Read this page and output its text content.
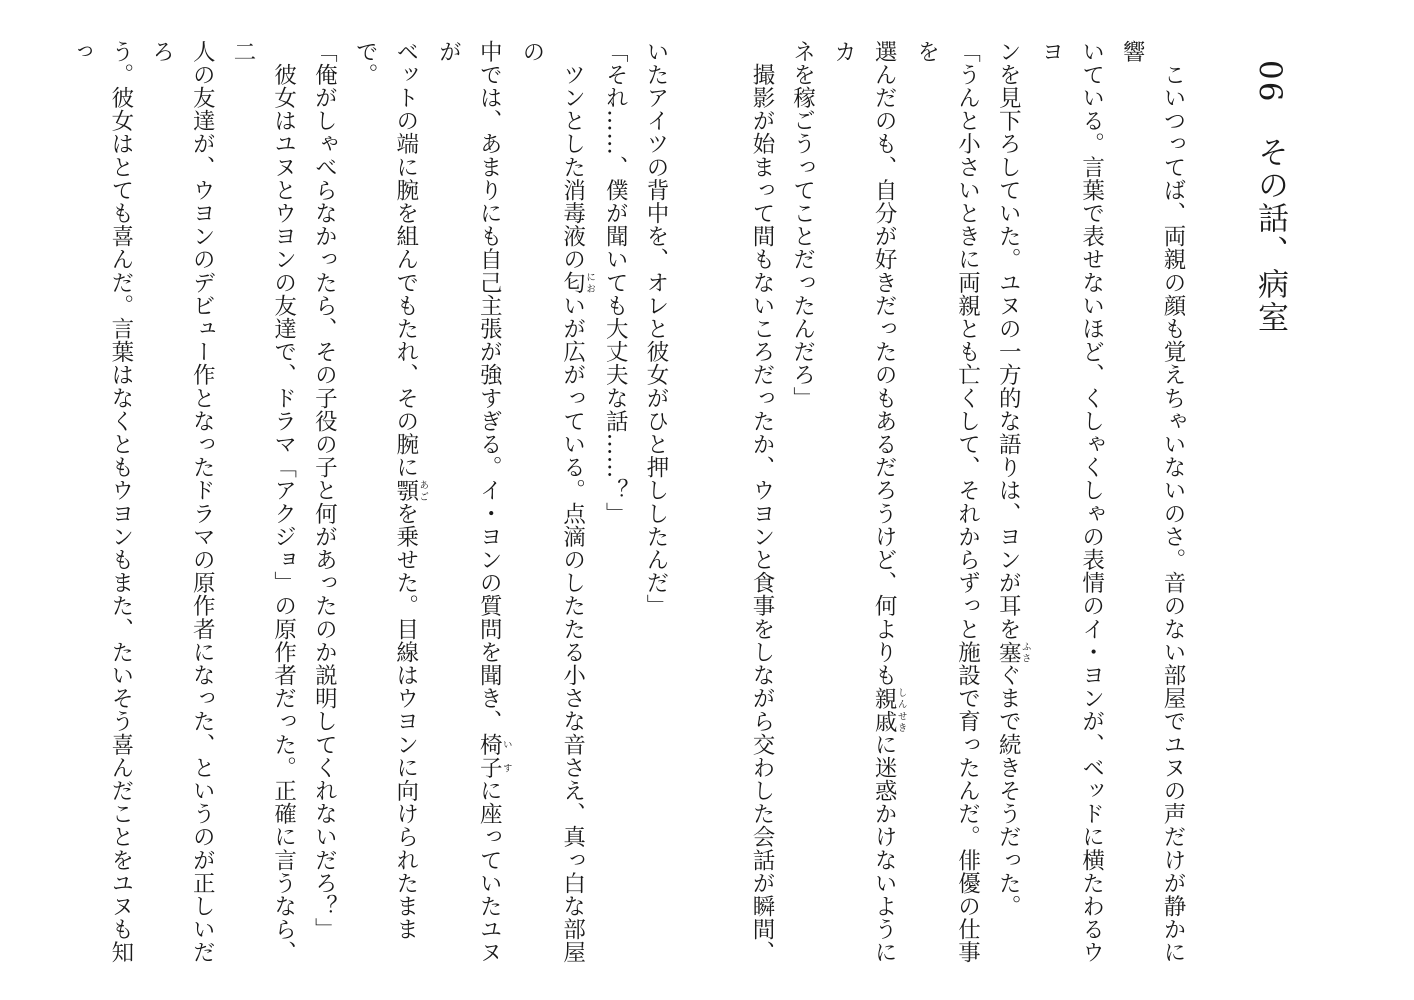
06　その話、病室

　こいつってば、両親の顔も覚えちゃいないのさ。音のない部屋でユヌの声だけが静かに響

いている。言葉で表せないほど、くしゃくしゃの表情のイ・ヨンが、ベッドに横たわるウヨ

ンを見下ろしていた。ユヌの一方的な語りは、ヨンが耳を塞ふさぐまで続きそうだった。

「うんと小さいときに両親とも亡くして、それからずっと施設で育ったんだ。俳優の仕事を

選んだのも、自分が好きだったのもあるだろうけど、何よりも親戚しんせきに迷惑かけないようにカ

ネを稼ごうってことだったんだろ」

　撮影が始まって間もないころだったか、ウヨンと食事をしながら交わした会話が瞬間、

いたアイツの背中を、オレと彼女がひと押ししたんだ」

「それ……、僕が聞いても大丈夫な話……？」

　ツンとした消毒液の匂においが広がっている。点滴のしたたる小さな音さえ、真っ白な部屋の

中では、あまりにも自己主張が強すぎる。イ・ヨンの質問を聞き、椅子いすに座っていたユヌが

ベットの端に腕を組んでもたれ、その腕に顎あごを乗せた。目線はウヨンに向けられたままで。

「俺がしゃべらなかったら、その子役の子と何があったのか説明してくれないだろ？」

　彼女はユヌとウヨンの友達で、ドラマ「アクジョ」の原作者だった。正確に言うなら、二

人の友達が、ウヨンのデビュー作となったドラマの原作者になった、というのが正しいだろ

う。彼女はとても喜んだ。言葉はなくともウヨンもまた、たいそう喜んだことをユヌも知っ
